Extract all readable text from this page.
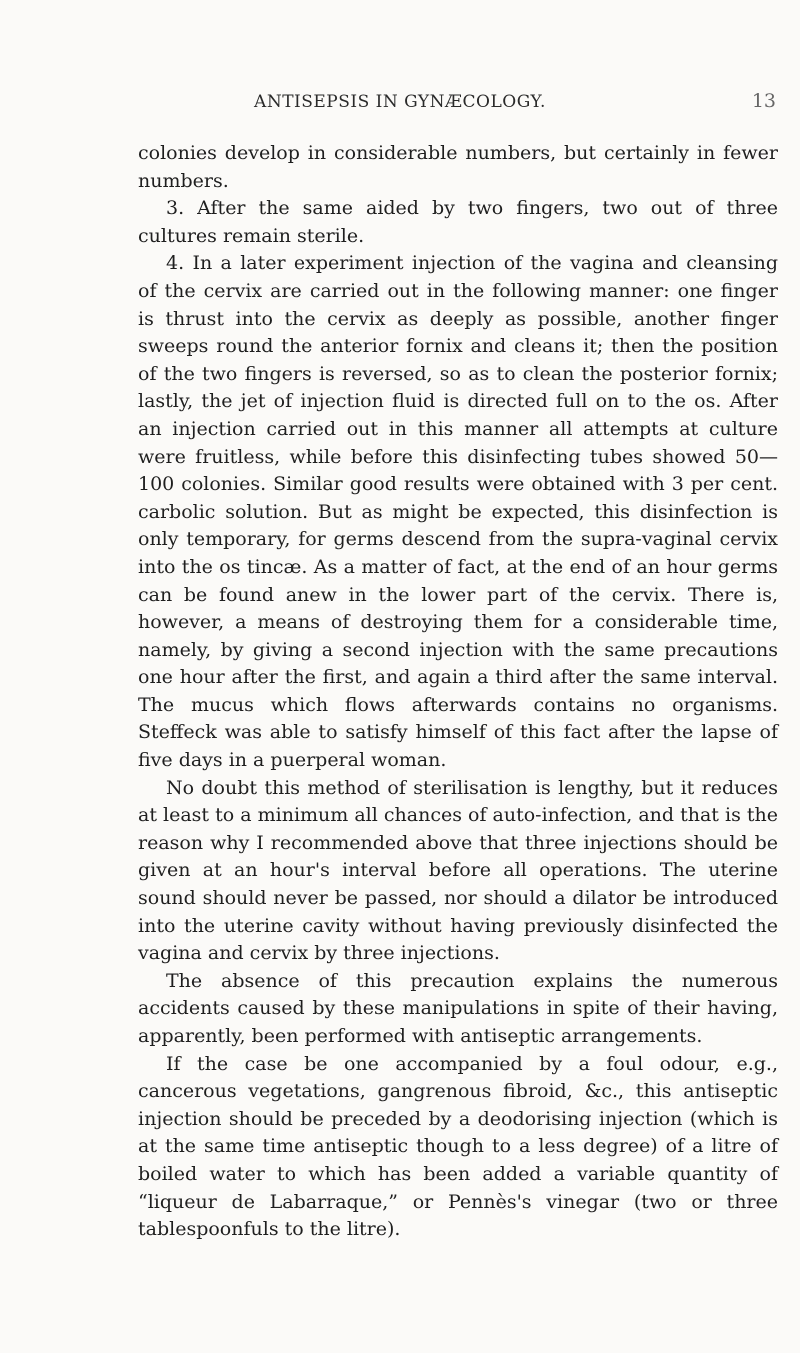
ANTISEPSIS IN GYNÆCOLOGY.	13

colonies develop in considerable numbers, but certainly in fewer numbers.

3. After the same aided by two fingers, two out of three cultures remain sterile.

4. In a later experiment injection of the vagina and cleansing of the cervix are carried out in the following manner: one finger is thrust into the cervix as deeply as possible, another finger sweeps round the anterior fornix and cleans it; then the position of the two fingers is reversed, so as to clean the posterior fornix; lastly, the jet of injection fluid is directed full on to the os. After an injection carried out in this manner all attempts at culture were fruitless, while before this disinfecting tubes showed 50—100 colonies. Similar good results were obtained with 3 per cent. carbolic solution. But as might be expected, this disinfection is only temporary, for germs descend from the supra-vaginal cervix into the os tincæ. As a matter of fact, at the end of an hour germs can be found anew in the lower part of the cervix. There is, however, a means of destroying them for a considerable time, namely, by giving a second injection with the same precautions one hour after the first, and again a third after the same interval. The mucus which flows afterwards contains no organisms. Steffeck was able to satisfy himself of this fact after the lapse of five days in a puerperal woman.

No doubt this method of sterilisation is lengthy, but it reduces at least to a minimum all chances of auto-infection, and that is the reason why I recommended above that three injections should be given at an hour's interval before all operations. The uterine sound should never be passed, nor should a dilator be introduced into the uterine cavity without having previously disinfected the vagina and cervix by three injections.

The absence of this precaution explains the numerous accidents caused by these manipulations in spite of their having, apparently, been performed with antiseptic arrangements.

If the case be one accompanied by a foul odour, e.g., cancerous vegetations, gangrenous fibroid, &c., this antiseptic injection should be preceded by a deodorising injection (which is at the same time antiseptic though to a less degree) of a litre of boiled water to which has been added a variable quantity of “liqueur de Labarraque,” or Pennès's vinegar (two or three tablespoonfuls to the litre).
